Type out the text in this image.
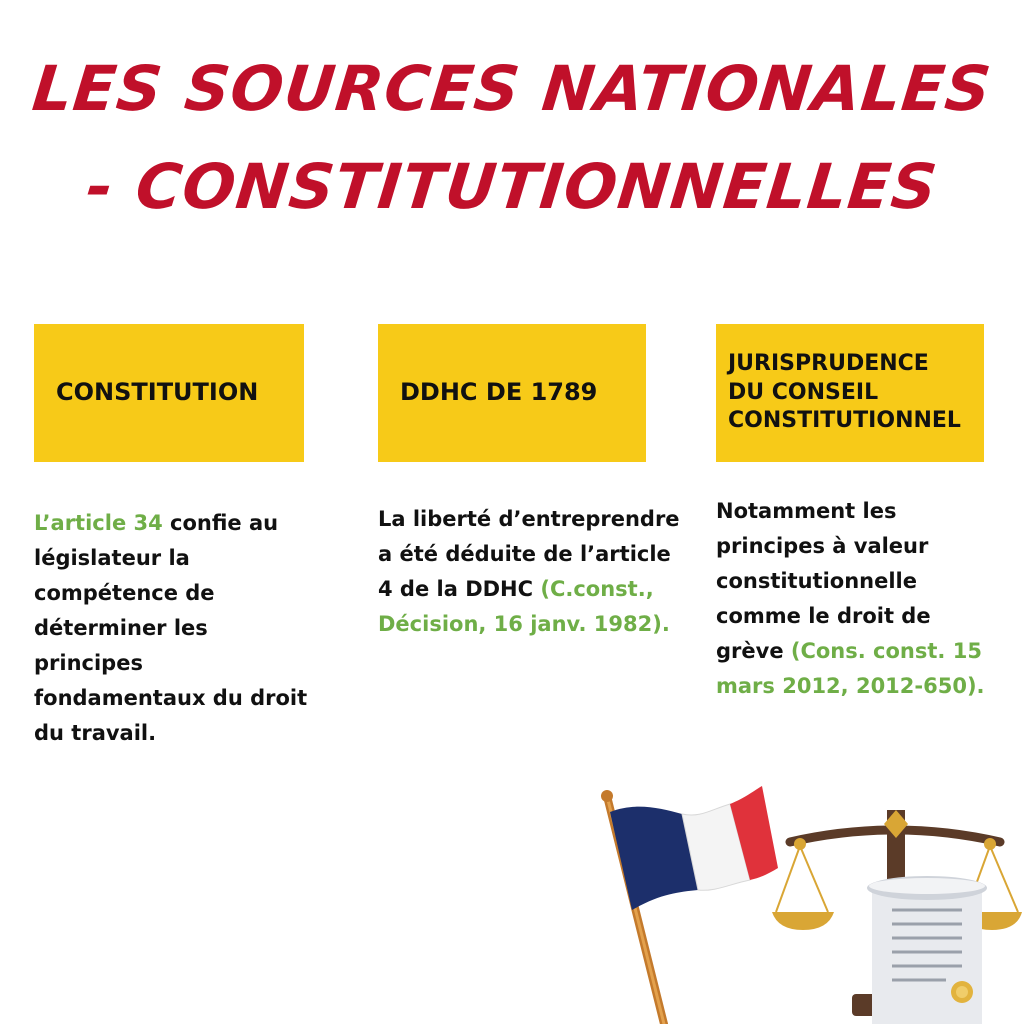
LES SOURCES NATIONALES
- CONSTITUTIONNELLES
CONSTITUTION	DDHC DE 1789
JURISPRUDENCE
DU CONSEIL
CONSTITUTIONNEL
L’article 34 confie au législateur la compétence de déterminer les principes fondamentaux du droit du travail.
La liberté d’entreprendre a été déduite de l’article 4 de la DDHC (C.const., Décision, 16 janv. 1982).
Notamment les principes à valeur constitutionnelle comme le droit de grève (Cons. const. 15 mars 2012, 2012-650).
